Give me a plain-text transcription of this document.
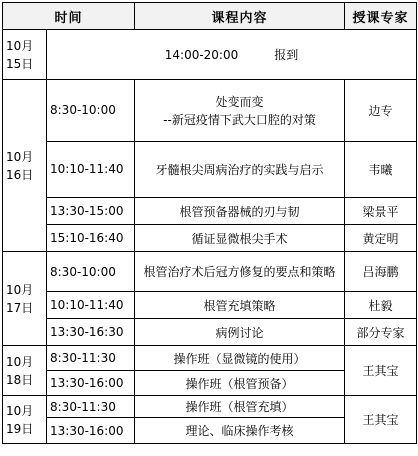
时间		课程内容	授课专家
10月15日	14:00-20:00　　　报到		
10月16日	8:30-10:00	处变而变
--新冠疫情下武大口腔的对策	边专
	10:10-11:40	牙髓根尖周病治疗的实践与启示	韦曦
	13:30-15:00	根管预备器械的刃与韧	梁景平
	15:10-16:40	循证显微根尖手术	黄定明
10月17日	8:30-10:00	根管治疗术后冠方修复的要点和策略	吕海鹏
	10:10-11:40	根管充填策略	杜毅
	13:30-16:30	病例讨论	部分专家
10月18日	8:30-11:30	操作班（显微镜的使用）	王其宝
	13:30-16:00	操作班（根管预备）	
10月19日	8:30-11:30	操作班（根管充填）	王其宝
	13:30-16:00	理论、临床操作考核	
